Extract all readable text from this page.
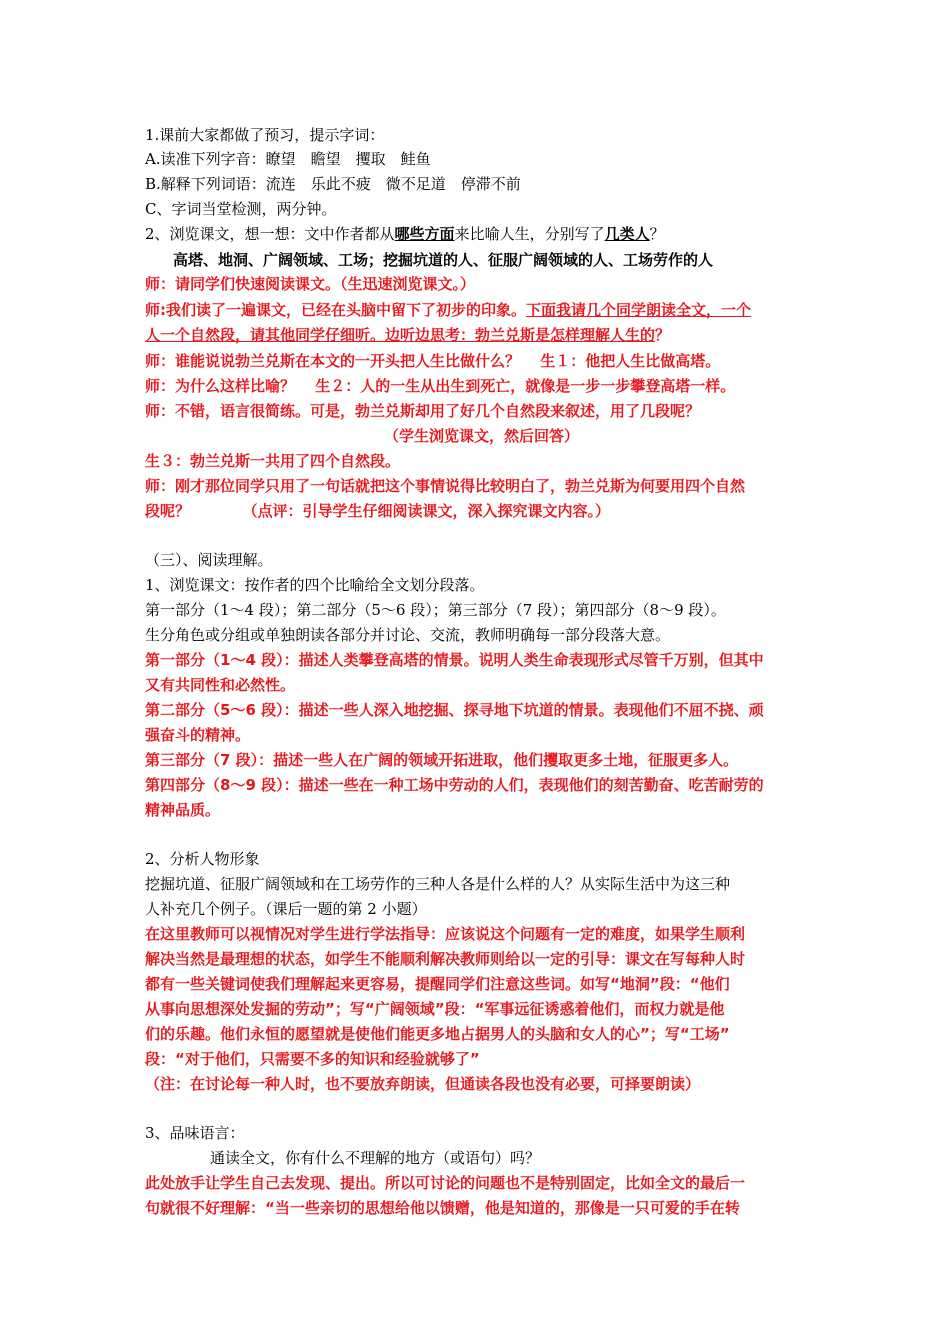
1.课前大家都做了预习，提示字词：
A.读准下列字音：瞭望　瞻望　攫取　鲑鱼
B.解释下列词语：流连　乐此不疲　微不足道　停滞不前
C、字词当堂检测，两分钟。
2、浏览课文，想一想：文中作者都从哪些方面来比喻人生，分别写了几类人？
高塔、地洞、广阔领域、工场；挖掘坑道的人、征服广阔领域的人、工场劳作的人
师：请同学们快速阅读课文。（生迅速浏览课文。）
师:我们读了一遍课文，已经在头脑中留下了初步的印象。下面我请几个同学朗读全文，一个
人一个自然段，请其他同学仔细听。边听边思考：勃兰兑斯是怎样理解人生的？
师：谁能说说勃兰兑斯在本文的一开头把人生比做什么？　 生１：他把人生比做高塔。
师：为什么这样比喻？　 生２：人的一生从出生到死亡，就像是一步一步攀登高塔一样。
师：不错，语言很简练。可是，勃兰兑斯却用了好几个自然段来叙述，用了几段呢？
（学生浏览课文，然后回答）
生３：勃兰兑斯一共用了四个自然段。
师：刚才那位同学只用了一句话就把这个事情说得比较明白了，勃兰兑斯为何要用四个自然
段呢？　　　　（点评：引导学生仔细阅读课文，深入探究课文内容。）
（三）、阅读理解。
1、浏览课文：按作者的四个比喻给全文划分段落。
第一部分（1～4 段）；第二部分（5～6 段）；第三部分（7 段）；第四部分（8～9 段）。
生分角色或分组或单独朗读各部分并讨论、交流，教师明确每一部分段落大意。
第一部分（1～4 段）：描述人类攀登高塔的情景。说明人类生命表现形式尽管千万别，但其中
又有共同性和必然性。
第二部分（5～6 段）：描述一些人深入地挖掘、探寻地下坑道的情景。表现他们不屈不挠、顽
强奋斗的精神。
第三部分（7 段）：描述一些人在广阔的领域开拓进取，他们攫取更多土地，征服更多人。
第四部分（8～9 段）：描述一些在一种工场中劳动的人们，表现他们的刻苦勤奋、吃苦耐劳的
精神品质。
2、分析人物形象
挖掘坑道、征服广阔领域和在工场劳作的三种人各是什么样的人？从实际生活中为这三种
人补充几个例子。（课后一题的第 2 小题）
在这里教师可以视情况对学生进行学法指导：应该说这个问题有一定的难度，如果学生顺利
解决当然是最理想的状态，如学生不能顺利解决教师则给以一定的引导：课文在写每种人时
都有一些关键词使我们理解起来更容易，提醒同学们注意这些词。如写“地洞”段：“他们
从事向思想深处发掘的劳动”；写“广阔领域”段：“军事远征诱惑着他们，而权力就是他
们的乐趣。他们永恒的愿望就是使他们能更多地占据男人的头脑和女人的心”；写“工场”
段：“对于他们，只需要不多的知识和经验就够了”
（注：在讨论每一种人时，也不要放弃朗读，但通读各段也没有必要，可择要朗读）
3、品味语言：
通读全文，你有什么不理解的地方（或语句）吗？
此处放手让学生自己去发现、提出。所以可讨论的问题也不是特别固定，比如全文的最后一
句就很不好理解：“当一些亲切的思想给他以馈赠，他是知道的，那像是一只可爱的手在转
